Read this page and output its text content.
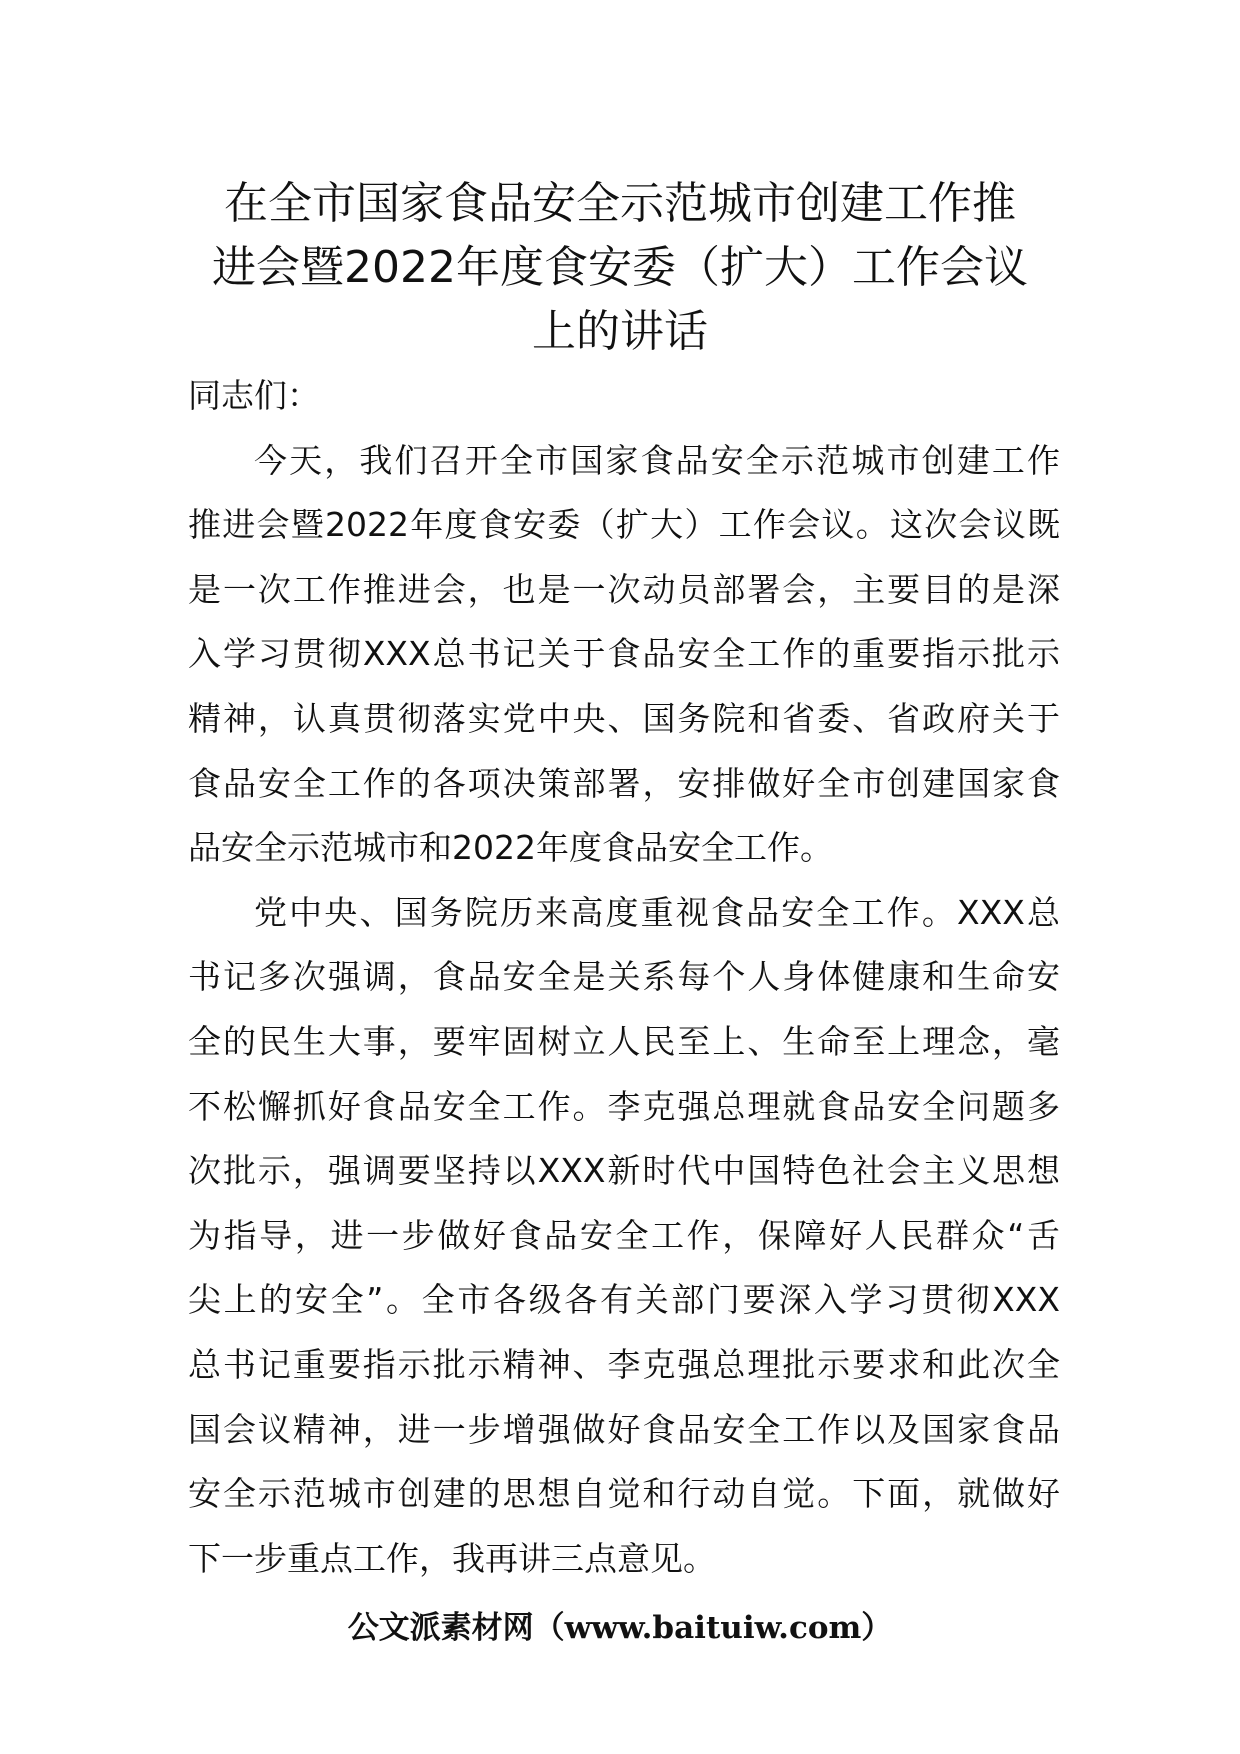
在全市国家食品安全示范城市创建工作推
进会暨2022年度食安委（扩大）工作会议
上的讲话

同志们：

今天，我们召开全市国家食品安全示范城市创建工作
推进会暨2022年度食安委（扩大）工作会议。这次会议既
是一次工作推进会，也是一次动员部署会，主要目的是深
入学习贯彻XXX总书记关于食品安全工作的重要指示批示
精神，认真贯彻落实党中央、国务院和省委、省政府关于
食品安全工作的各项决策部署，安排做好全市创建国家食
品安全示范城市和2022年度食品安全工作。

党中央、国务院历来高度重视食品安全工作。XXX总
书记多次强调，食品安全是关系每个人身体健康和生命安
全的民生大事，要牢固树立人民至上、生命至上理念，毫
不松懈抓好食品安全工作。李克强总理就食品安全问题多
次批示，强调要坚持以XXX新时代中国特色社会主义思想
为指导，进一步做好食品安全工作，保障好人民群众“舌
尖上的安全”。全市各级各有关部门要深入学习贯彻XXX
总书记重要指示批示精神、李克强总理批示要求和此次全
国会议精神，进一步增强做好食品安全工作以及国家食品
安全示范城市创建的思想自觉和行动自觉。下面，就做好
下一步重点工作，我再讲三点意见。

公文派素材网（www.baituiw.com）
